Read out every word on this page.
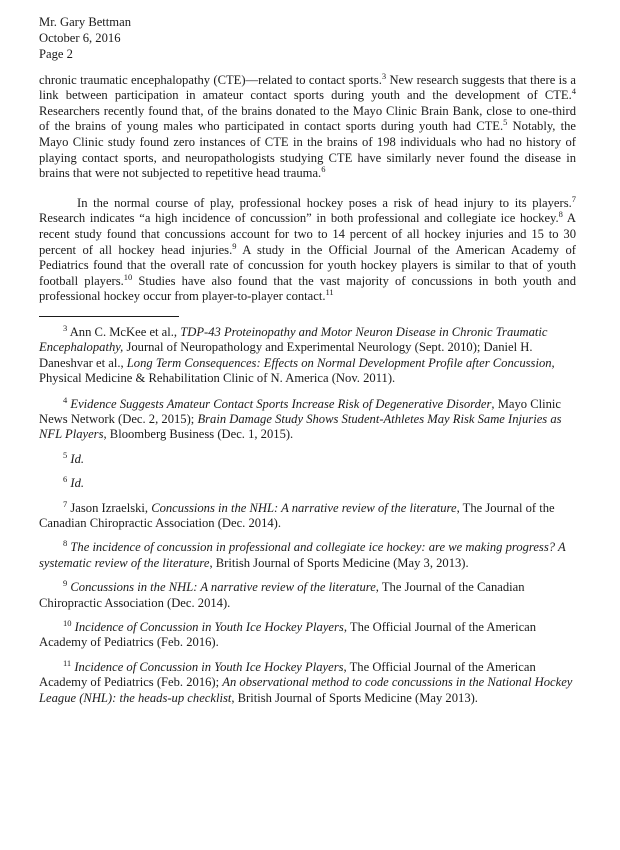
Mr. Gary Bettman
October 6, 2016
Page 2

chronic traumatic encephalopathy (CTE)—related to contact sports.$^3$ New research suggests that there is a link between participation in amateur contact sports during youth and the development of CTE.$^4$ Researchers recently found that, of the brains donated to the Mayo Clinic Brain Bank, close to one-third of the brains of young males who participated in contact sports during youth had CTE.$^5$ Notably, the Mayo Clinic study found zero instances of CTE in the brains of 198 individuals who had no history of playing contact sports, and neuropathologists studying CTE have similarly never found the disease in brains that were not subjected to repetitive head trauma.$^6$

In the normal course of play, professional hockey poses a risk of head injury to its players.$^7$ Research indicates “a high incidence of concussion” in both professional and collegiate ice hockey.$^8$ A recent study found that concussions account for two to 14 percent of all hockey injuries and 15 to 30 percent of all hockey head injuries.$^9$ A study in the Official Journal of the American Academy of Pediatrics found that the overall rate of concussion for youth hockey players is similar to that of youth football players.$^{10}$ Studies have also found that the vast majority of concussions in both youth and professional hockey occur from player-to-player contact.$^{11}$

$^3$ Ann C. McKee et al., TDP-43 Proteinopathy and Motor Neuron Disease in Chronic Traumatic Encephalopathy, Journal of Neuropathology and Experimental Neurology (Sept. 2010); Daniel H. Daneshvar et al., Long Term Consequences: Effects on Normal Development Profile after Concussion, Physical Medicine & Rehabilitation Clinic of N. America (Nov. 2011).
$^4$ Evidence Suggests Amateur Contact Sports Increase Risk of Degenerative Disorder, Mayo Clinic News Network (Dec. 2, 2015); Brain Damage Study Shows Student-Athletes May Risk Same Injuries as NFL Players, Bloomberg Business (Dec. 1, 2015).
$^5$ Id.
$^6$ Id.
$^7$ Jason Izraelski, Concussions in the NHL: A narrative review of the literature, The Journal of the Canadian Chiropractic Association (Dec. 2014).
$^8$ The incidence of concussion in professional and collegiate ice hockey: are we making progress? A systematic review of the literature, British Journal of Sports Medicine (May 3, 2013).
$^9$ Concussions in the NHL: A narrative review of the literature, The Journal of the Canadian Chiropractic Association (Dec. 2014).
$^{10}$ Incidence of Concussion in Youth Ice Hockey Players, The Official Journal of the American Academy of Pediatrics (Feb. 2016).
$^{11}$ Incidence of Concussion in Youth Ice Hockey Players, The Official Journal of the American Academy of Pediatrics (Feb. 2016); An observational method to code concussions in the National Hockey League (NHL): the heads-up checklist, British Journal of Sports Medicine (May 2013).
